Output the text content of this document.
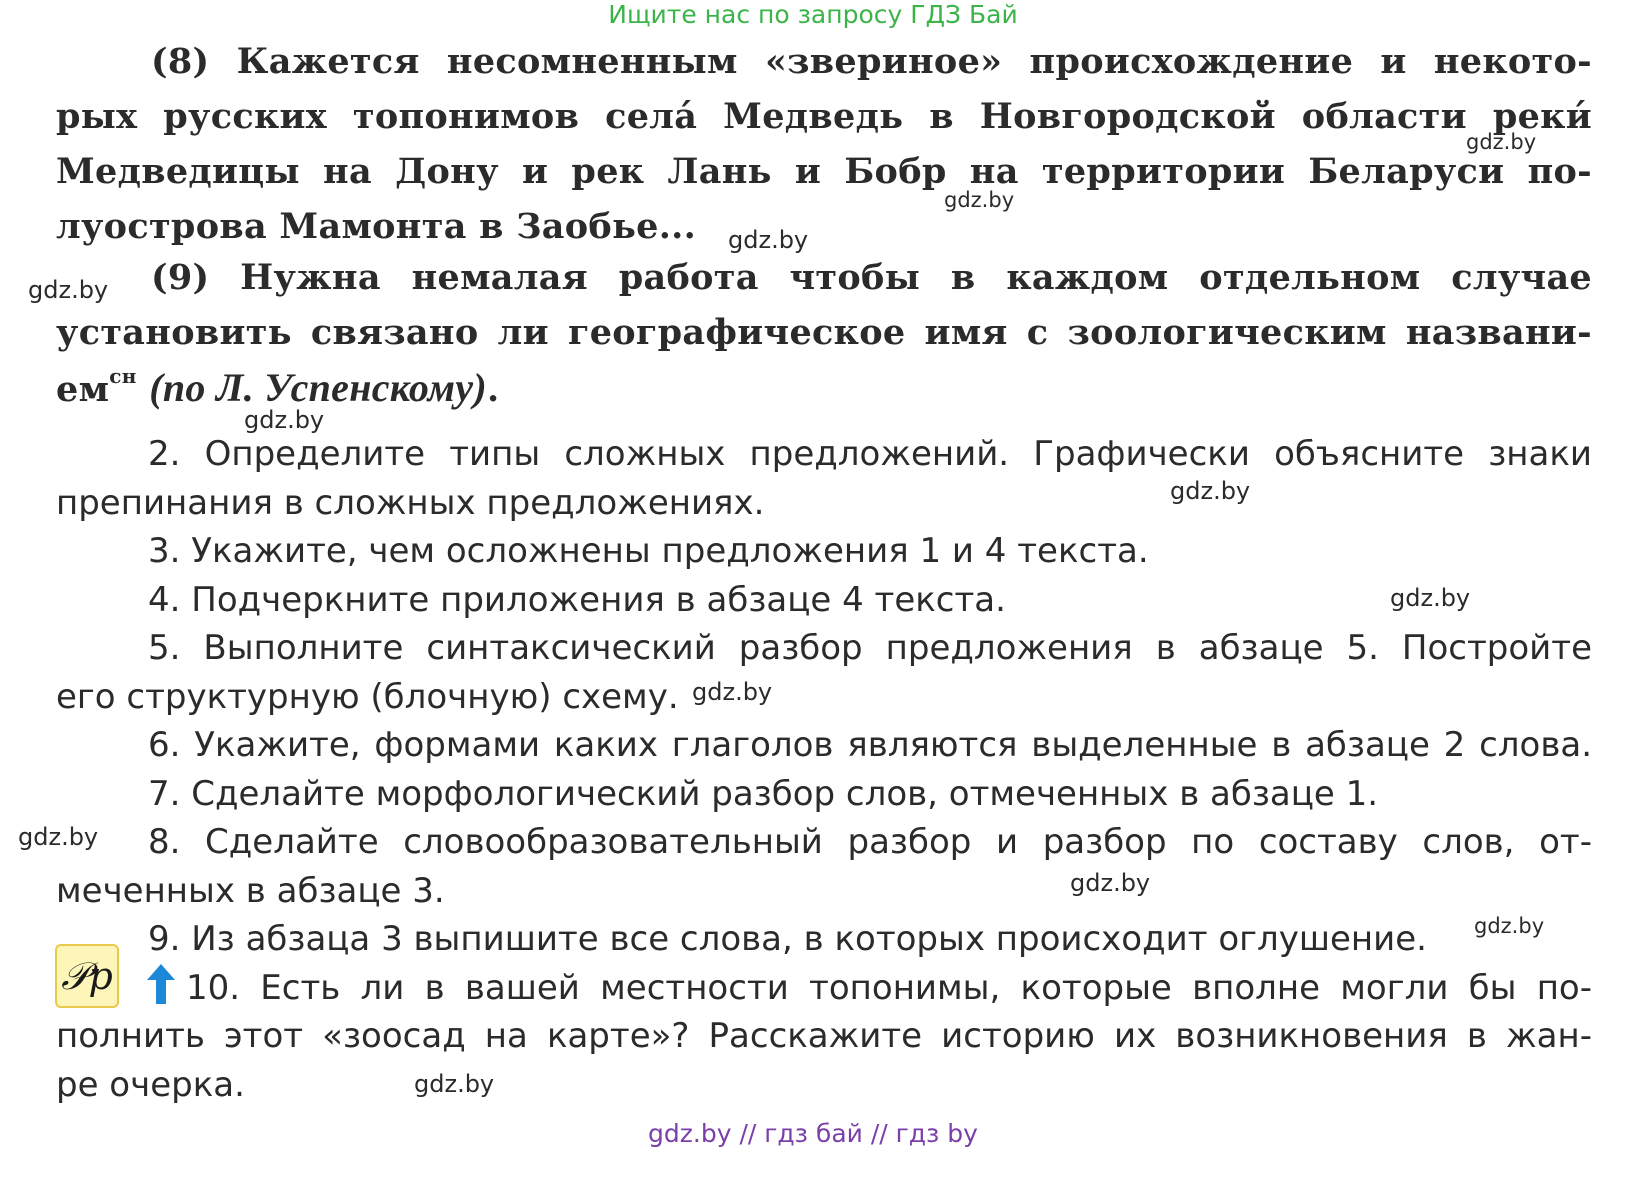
Ищите нас по запросу ГДЗ Бай
(8) Кажется несомненным «звериное» происхождение и некото-
рых русских топонимов села́ Медведь в Новгородской области реки́
Медведицы на Дону и рек Лань и Бобр на территории Беларуси по-
луострова Мамонта в Заобье...
(9) Нужна немалая работа чтобы в каждом отдельном случае
установить связано ли географическое имя с зоологическим названи-
$ем^{сн}$ (по Л. Успенскому).
2. Определите типы сложных предложений. Графически объясните знаки
препинания в сложных предложениях.
3. Укажите, чем осложнены предложения 1 и 4 текста.
4. Подчеркните приложения в абзаце 4 текста.
5. Выполните синтаксический разбор предложения в абзаце 5. Постройте
его структурную (блочную) схему.
6. Укажите, формами каких глаголов являются выделенные в абзаце 2 слова.
7. Сделайте морфологический разбор слов, отмеченных в абзаце 1.
8. Сделайте словообразовательный разбор и разбор по составу слов, от-
меченных в абзаце 3.
9. Из абзаца 3 выпишите все слова, в которых происходит оглушение.
10. Есть ли в вашей местности топонимы, которые вполне могли бы по-
полнить этот «зоосад на карте»? Расскажите историю их возникновения в жан-
ре очерка.
𝒫p
gdz.by
gdz.by
gdz.by
gdz.by
gdz.by
gdz.by
gdz.by
gdz.by
gdz.by
gdz.by
gdz.by
gdz.by
gdz.by // гдз бай // гдз by
